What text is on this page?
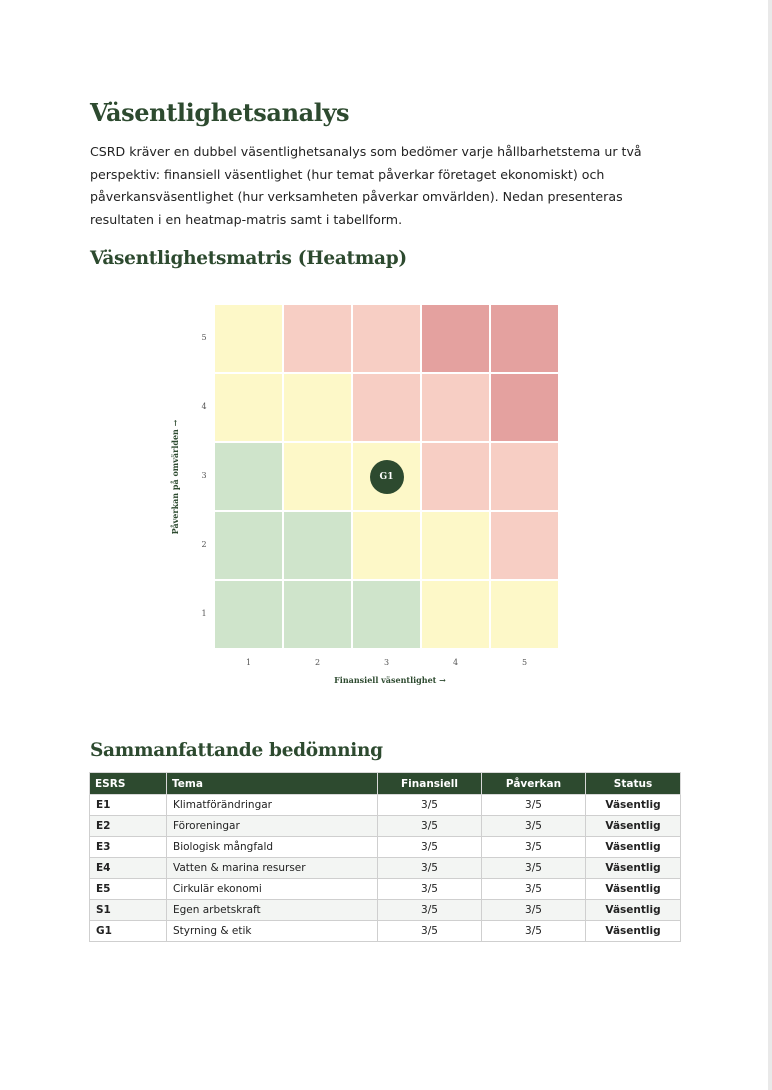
Väsentlighetsanalys

CSRD kräver en dubbel väsentlighetsanalys som bedömer varje hållbarhetstema ur två perspektiv: finansiell väsentlighet (hur temat påverkar företaget ekonomiskt) och påverkansväsentlighet (hur verksamheten påverkar omvärlden). Nedan presenteras resultaten i en heatmap-matris samt i tabellform.

Väsentlighetsmatris (Heatmap)
Sammanfattande bedömning
G1
1	2	3	4	5
1
2
3
4
5
Finansiell väsentlighet →
Påverkan på omvärlden →
ESRS	Tema	Finansiell	Påverkan	Status
E1	Klimatförändringar	3/5	3/5	Väsentlig
E2	Föroreningar	3/5	3/5	Väsentlig
E3	Biologisk mångfald	3/5	3/5	Väsentlig
E4	Vatten & marina resurser	3/5	3/5	Väsentlig
E5	Cirkulär ekonomi	3/5	3/5	Väsentlig
S1	Egen arbetskraft	3/5	3/5	Väsentlig
G1	Styrning & etik	3/5	3/5	Väsentlig
